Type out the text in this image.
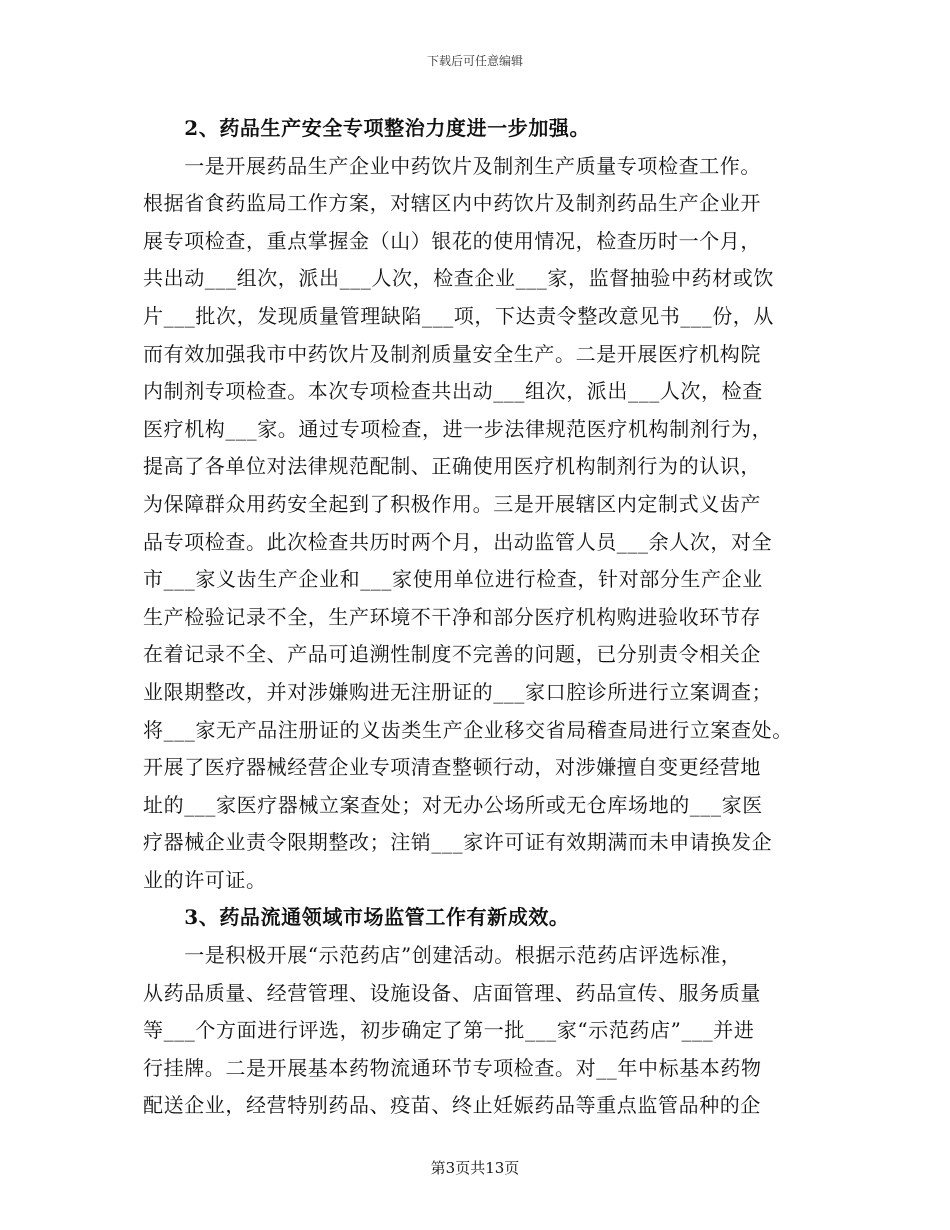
下载后可任意编辑
　　2、药品生产安全专项整治力度进一步加强。
　　一是开展药品生产企业中药饮片及制剂生产质量专项检查工作。
根据省食药监局工作方案，对辖区内中药饮片及制剂药品生产企业开
展专项检查，重点掌握金（山）银花的使用情况，检查历时一个月，
共出动___组次，派出___人次，检查企业___家，监督抽验中药材或饮
片___批次，发现质量管理缺陷___项，下达责令整改意见书___份，从
而有效加强我市中药饮片及制剂质量安全生产。二是开展医疗机构院
内制剂专项检查。本次专项检查共出动___组次，派出___人次，检查
医疗机构___家。通过专项检查，进一步法律规范医疗机构制剂行为，
提高了各单位对法律规范配制、正确使用医疗机构制剂行为的认识，
为保障群众用药安全起到了积极作用。三是开展辖区内定制式义齿产
品专项检查。此次检查共历时两个月，出动监管人员___余人次，对全
市___家义齿生产企业和___家使用单位进行检查，针对部分生产企业
生产检验记录不全，生产环境不干净和部分医疗机构购进验收环节存
在着记录不全、产品可追溯性制度不完善的问题，已分别责令相关企
业限期整改，并对涉嫌购进无注册证的___家口腔诊所进行立案调查；
将___家无产品注册证的义齿类生产企业移交省局稽查局进行立案查处。
开展了医疗器械经营企业专项清查整顿行动，对涉嫌擅自变更经营地
址的___家医疗器械立案查处；对无办公场所或无仓库场地的___家医
疗器械企业责令限期整改；注销___家许可证有效期满而未申请换发企
业的许可证。
　　3、药品流通领域市场监管工作有新成效。
　　一是积极开展“示范药店”创建活动。根据示范药店评选标准，
从药品质量、经营管理、设施设备、店面管理、药品宣传、服务质量
等___个方面进行评选，初步确定了第一批___家“示范药店”___并进
行挂牌。二是开展基本药物流通环节专项检查。对__年中标基本药物
配送企业，经营特别药品、疫苗、终止妊娠药品等重点监管品种的企
第3页共13页
